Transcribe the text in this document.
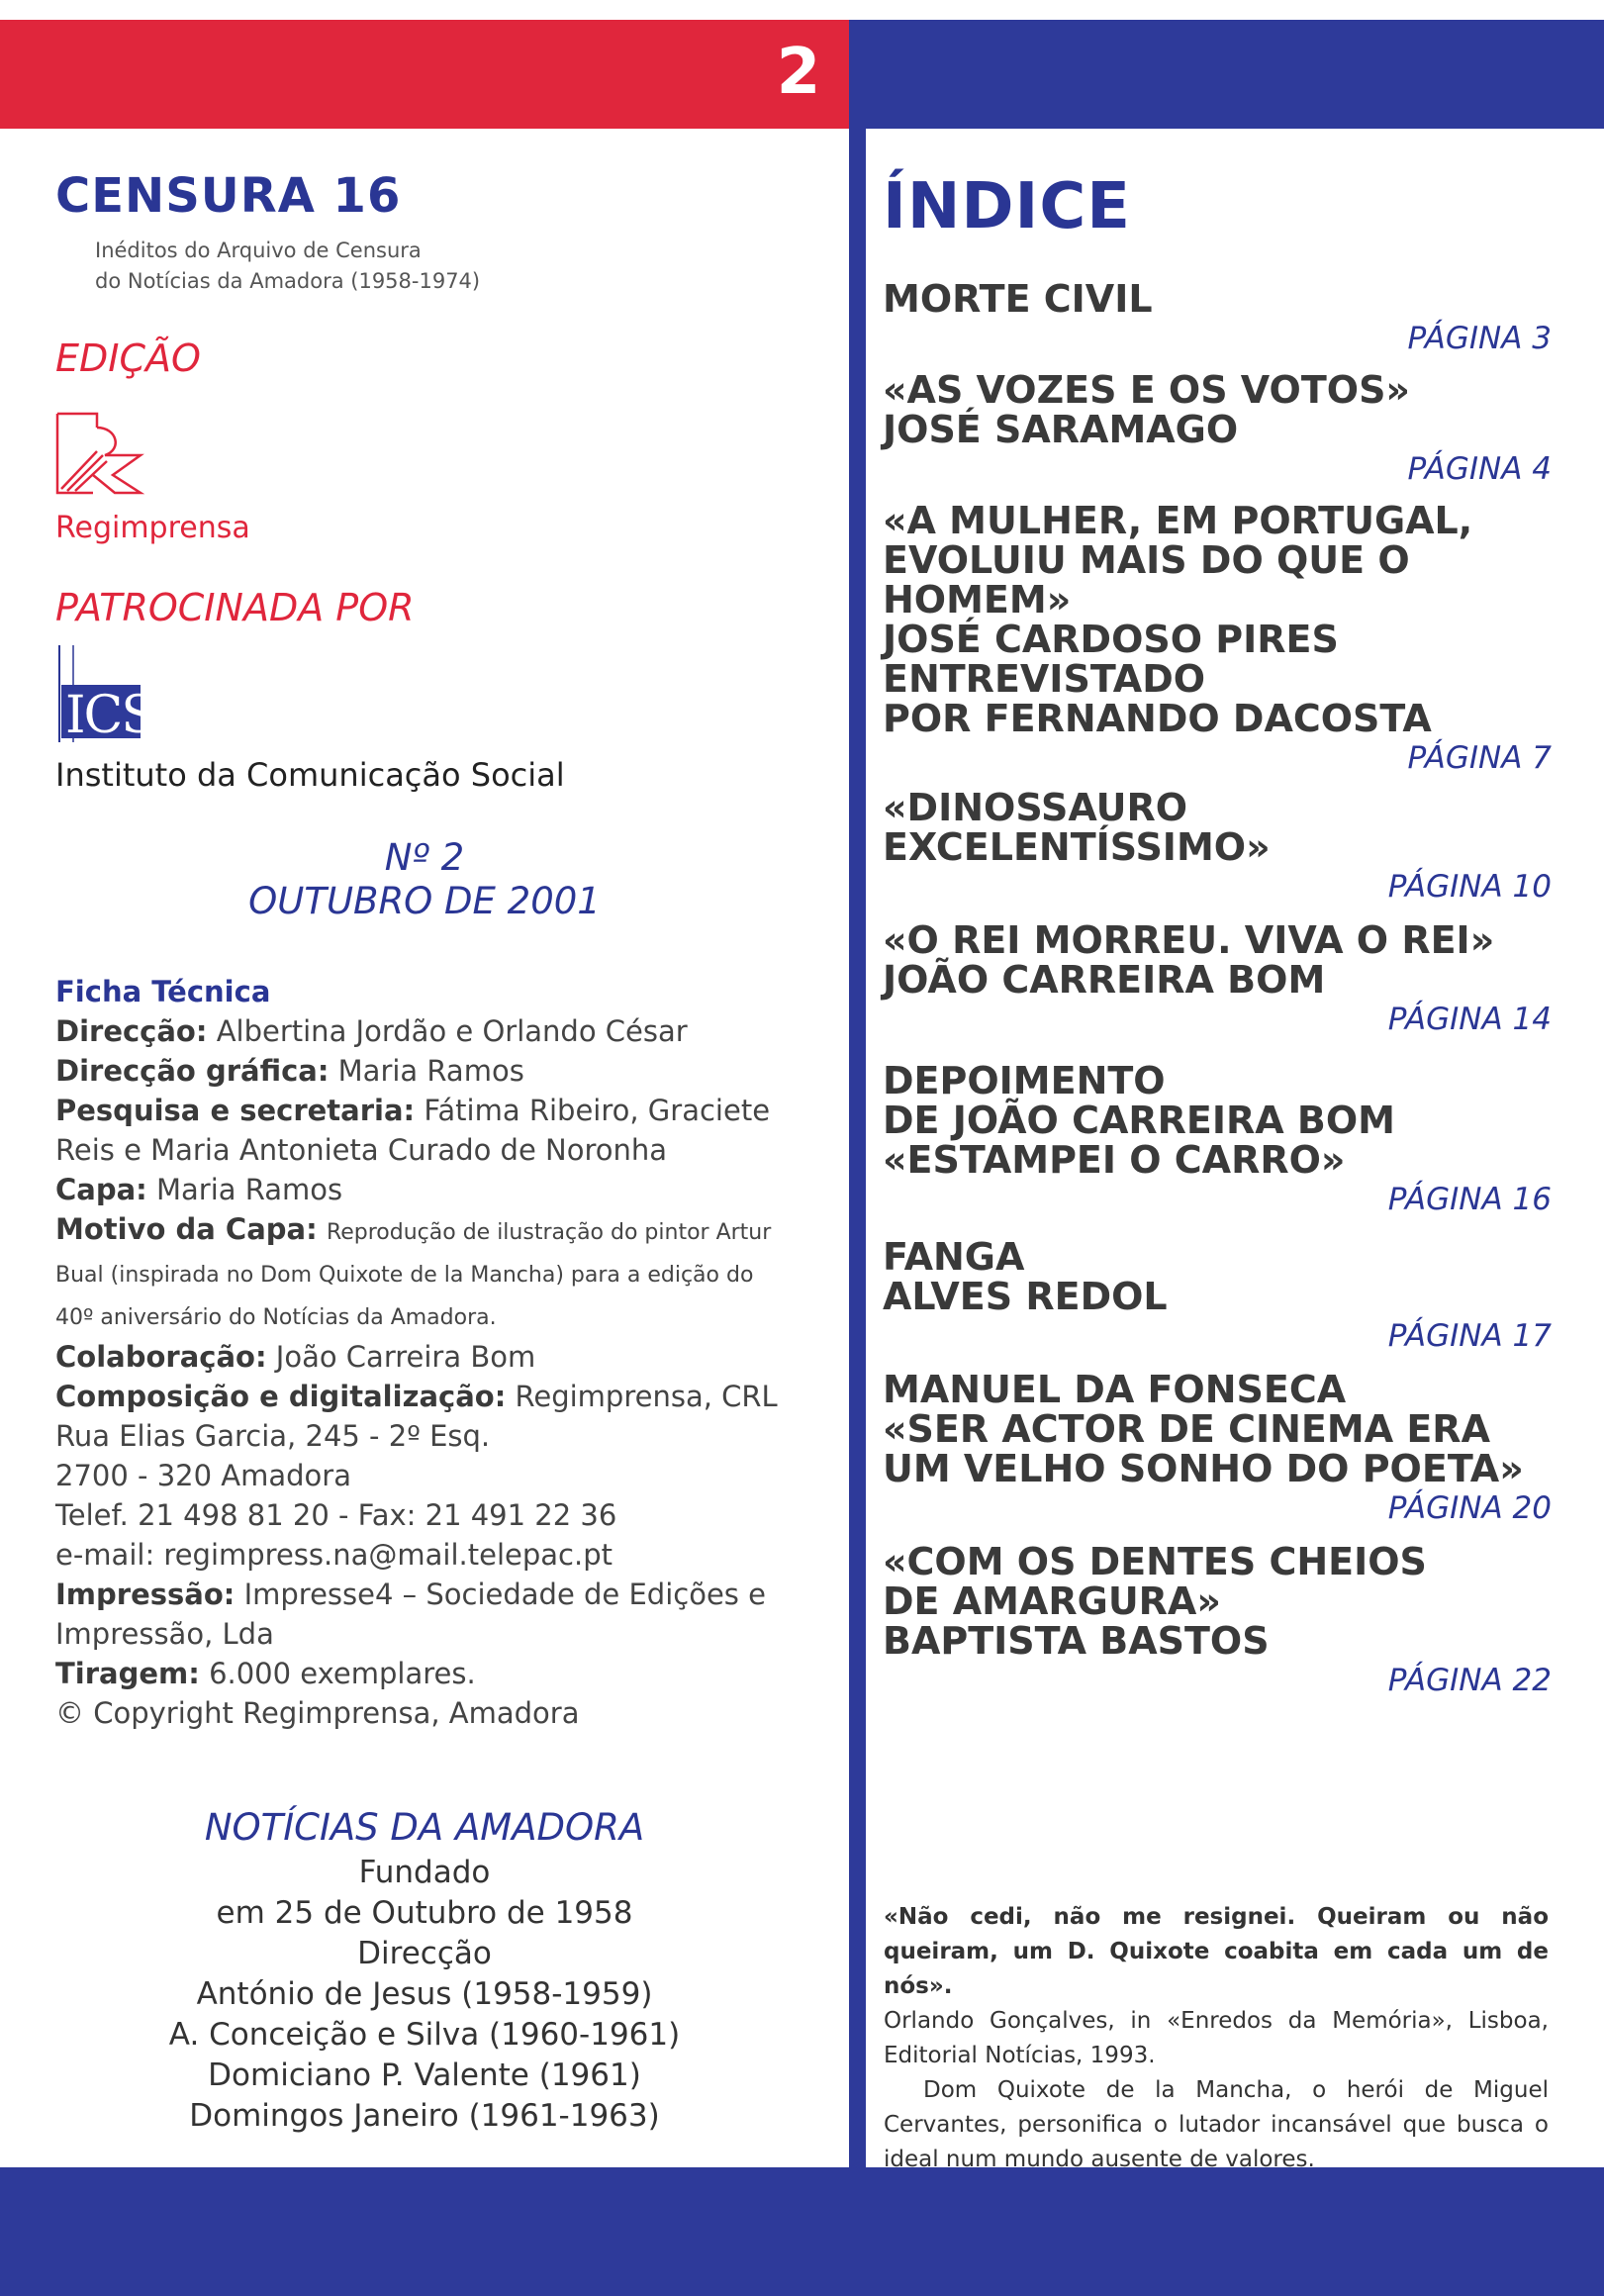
2
CENSURA 16
Inéditos do Arquivo de Censura
do Notícias da Amadora (1958-1974)
EDIÇÃO
Regimprensa
PATROCINADA POR
ICS
Instituto da Comunicação Social
Nº 2
OUTUBRO DE 2001
Ficha Técnica
Direcção: Albertina Jordão e Orlando César
Direcção gráfica: Maria Ramos
Pesquisa e secretaria: Fátima Ribeiro, Graciete Reis e Maria Antonieta Curado de Noronha
Capa: Maria Ramos
Motivo da Capa: Reprodução de ilustração do pintor Artur Bual (inspirada no Dom Quixote de la Mancha) para a edição do 40º aniversário do Notícias da Amadora.
Colaboração: João Carreira Bom
Composição e digitalização: Regimprensa, CRL
Rua Elias Garcia, 245 - 2º Esq.
2700 - 320 Amadora
Telef. 21 498 81 20 - Fax: 21 491 22 36
e-mail: regimpress.na@mail.telepac.pt
Impressão: Impresse4 – Sociedade de Edições e Impressão, Lda
Tiragem: 6.000 exemplares.
© Copyright Regimprensa, Amadora
NOTÍCIAS DA AMADORA
Fundado
em 25 de Outubro de 1958
Direcção
António de Jesus (1958-1959)
A. Conceição e Silva (1960-1961)
Domiciano P. Valente (1961)
Domingos Janeiro (1961-1963)
ÍNDICE
MORTE CIVIL
PÁGINA 3
«AS VOZES E OS VOTOS»
JOSÉ SARAMAGO
PÁGINA 4
«A MULHER, EM PORTUGAL,
EVOLUIU MAIS DO QUE O HOMEM»
JOSÉ CARDOSO PIRES
ENTREVISTADO
POR FERNANDO DACOSTA
PÁGINA 7
«DINOSSAURO EXCELENTÍSSIMO»
PÁGINA 10
«O REI MORREU. VIVA O REI»
JOÃO CARREIRA BOM
PÁGINA 14
DEPOIMENTO
DE JOÃO CARREIRA BOM
«ESTAMPEI O CARRO»
PÁGINA 16
FANGA
ALVES REDOL
PÁGINA 17
MANUEL DA FONSECA
«SER ACTOR DE CINEMA ERA
UM VELHO SONHO DO POETA»
PÁGINA 20
«COM OS DENTES CHEIOS
DE AMARGURA»
BAPTISTA BASTOS
PÁGINA 22
«Não cedi, não me resignei. Queiram ou não queiram, um D. Quixote coabita em cada um de nós».
Orlando Gonçalves, in «Enredos da Memória», Lisboa, Editorial Notícias, 1993.
Dom Quixote de la Mancha, o herói de Miguel Cervantes, personifica o lutador incansável que busca o ideal num mundo ausente de valores.
